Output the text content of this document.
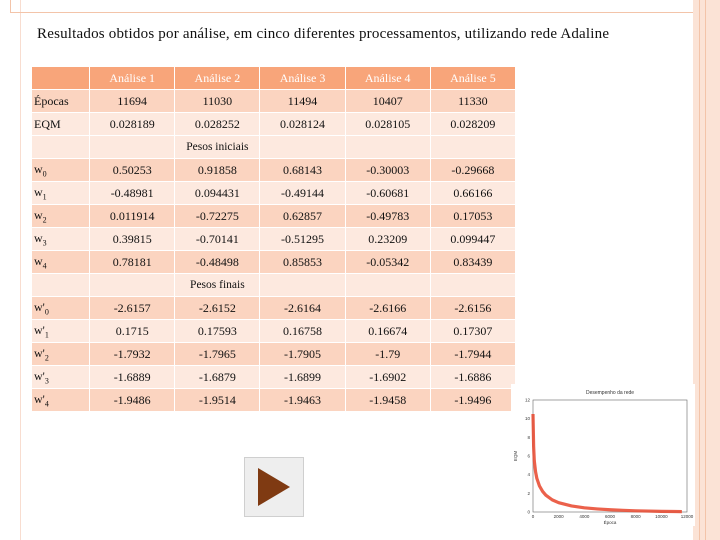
Resultados obtidos por análise, em cinco diferentes processamentos, utilizando rede Adaline
	Análise 1	Análise 2	Análise 3	Análise 4	Análise 5
Épocas	11694	11030	11494	10407	11330
EQM	0.028189	0.028252	0.028124	0.028105	0.028209
		Pesos iniciais			
$w_0$	0.50253	0.91858	0.68143	-0.30003	-0.29668
$w_1$	-0.48981	0.094431	-0.49144	-0.60681	0.66166
$w_2$	0.011914	-0.72275	0.62857	-0.49783	0.17053
$w_3$	0.39815	-0.70141	-0.51295	0.23209	0.099447
$w_4$	0.78181	-0.48498	0.85853	-0.05342	0.83439
		Pesos finais			
$w'_0$	-2.6157	-2.6152	-2.6164	-2.6166	-2.6156
$w'_1$	0.1715	0.17593	0.16758	0.16674	0.17307
$w'_2$	-1.7932	-1.7965	-1.7905	-1.79	-1.7944
$w'_3$	-1.6889	-1.6879	-1.6899	-1.6902	-1.6886
$w'_4$	-1.9486	-1.9514	-1.9463	-1.9458	-1.9496	Desempenho da rede
Época
EQM
0	2000	4000	6000	8000	10000	12000
0
2
4
6
8
10
12
